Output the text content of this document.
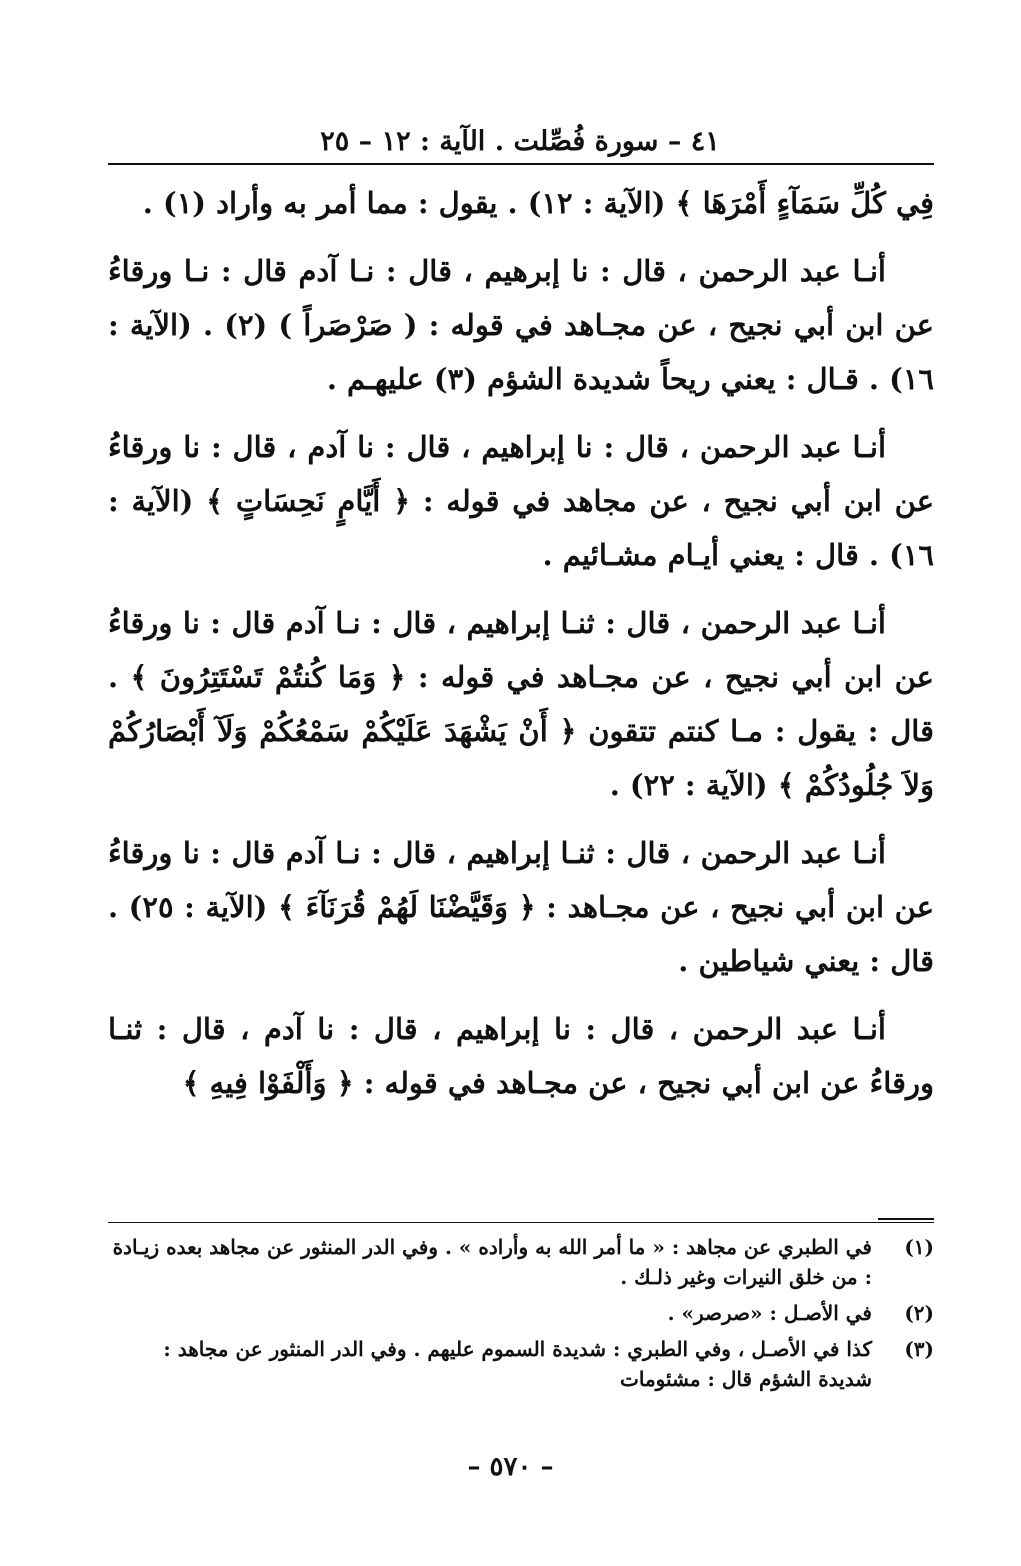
٤١ – سورة فُصِّلت . الآية : ١٢ – ٢٥

فِي كُلِّ سَمَآءٍ أَمْرَهَا ﴾ (الآية : ١٢) . يقول : مما أمر به وأراد (١) .

أنـا عبد الرحمن ، قال : نا إبرهيم ، قال : نـا آدم قال : نـا ورقاءُ عن ابن أبي نجيح ، عن مجـاهد في قوله : ( صَرْصَراً ) (٢) . (الآية : ١٦) . قـال : يعني ريحاً شديدة الشؤم (٣) عليهـم .

أنـا عبد الرحمن ، قال : نا إبراهيم ، قال : نا آدم ، قال : نا ورقاءُ عن ابن أبي نجيح ، عن مجاهد في قوله : ﴿ أَيَّامٍ نَحِسَاتٍ ﴾ (الآية : ١٦) . قال : يعني أيـام مشـائيم .

أنـا عبد الرحمن ، قال : ثنـا إبراهيم ، قال : نـا آدم قال : نا ورقاءُ عن ابن أبي نجيح ، عن مجـاهد في قوله : ﴿ وَمَا كُنتُمْ تَسْتَتِرُونَ ﴾ . قال : يقول : مـا كنتم تتقون ﴿ أَنْ يَشْهَدَ عَلَيْكُمْ سَمْعُكُمْ وَلَآ أَبْصَارُكُمْ وَلاَ جُلُودُكُمْ ﴾ (الآية : ٢٢) .

أنـا عبد الرحمن ، قال : ثنـا إبراهيم ، قال : نـا آدم قال : نا ورقاءُ عن ابن أبي نجيح ، عن مجـاهد : ﴿ وَقَيَّضْنَا لَهُمْ قُرَنَآءَ ﴾ (الآية : ٢٥) . قال : يعني شياطين .

أنـا عبد الرحمن ، قال : نا إبراهيم ، قال : نا آدم ، قال : ثنـا ورقاءُ عن ابن أبي نجيح ، عن مجـاهد في قوله : ﴿ وَأَلْفَوْا فِيهِ ﴾

(١)
في الطبري عن مجاهد : « ما أمر الله به وأراده » . وفي الدر المنثور عن مجاهد بعده زيـادة : من خلق النيرات وغير ذلـك .
(٢)
في الأصـل : «صرصر» .
(٣)
كذا في الأصـل ، وفي الطبري : شديدة السموم عليهم . وفي الدر المنثور عن مجاهد : شديدة الشؤم قال : مشئومات
– ٥٧٠ –
